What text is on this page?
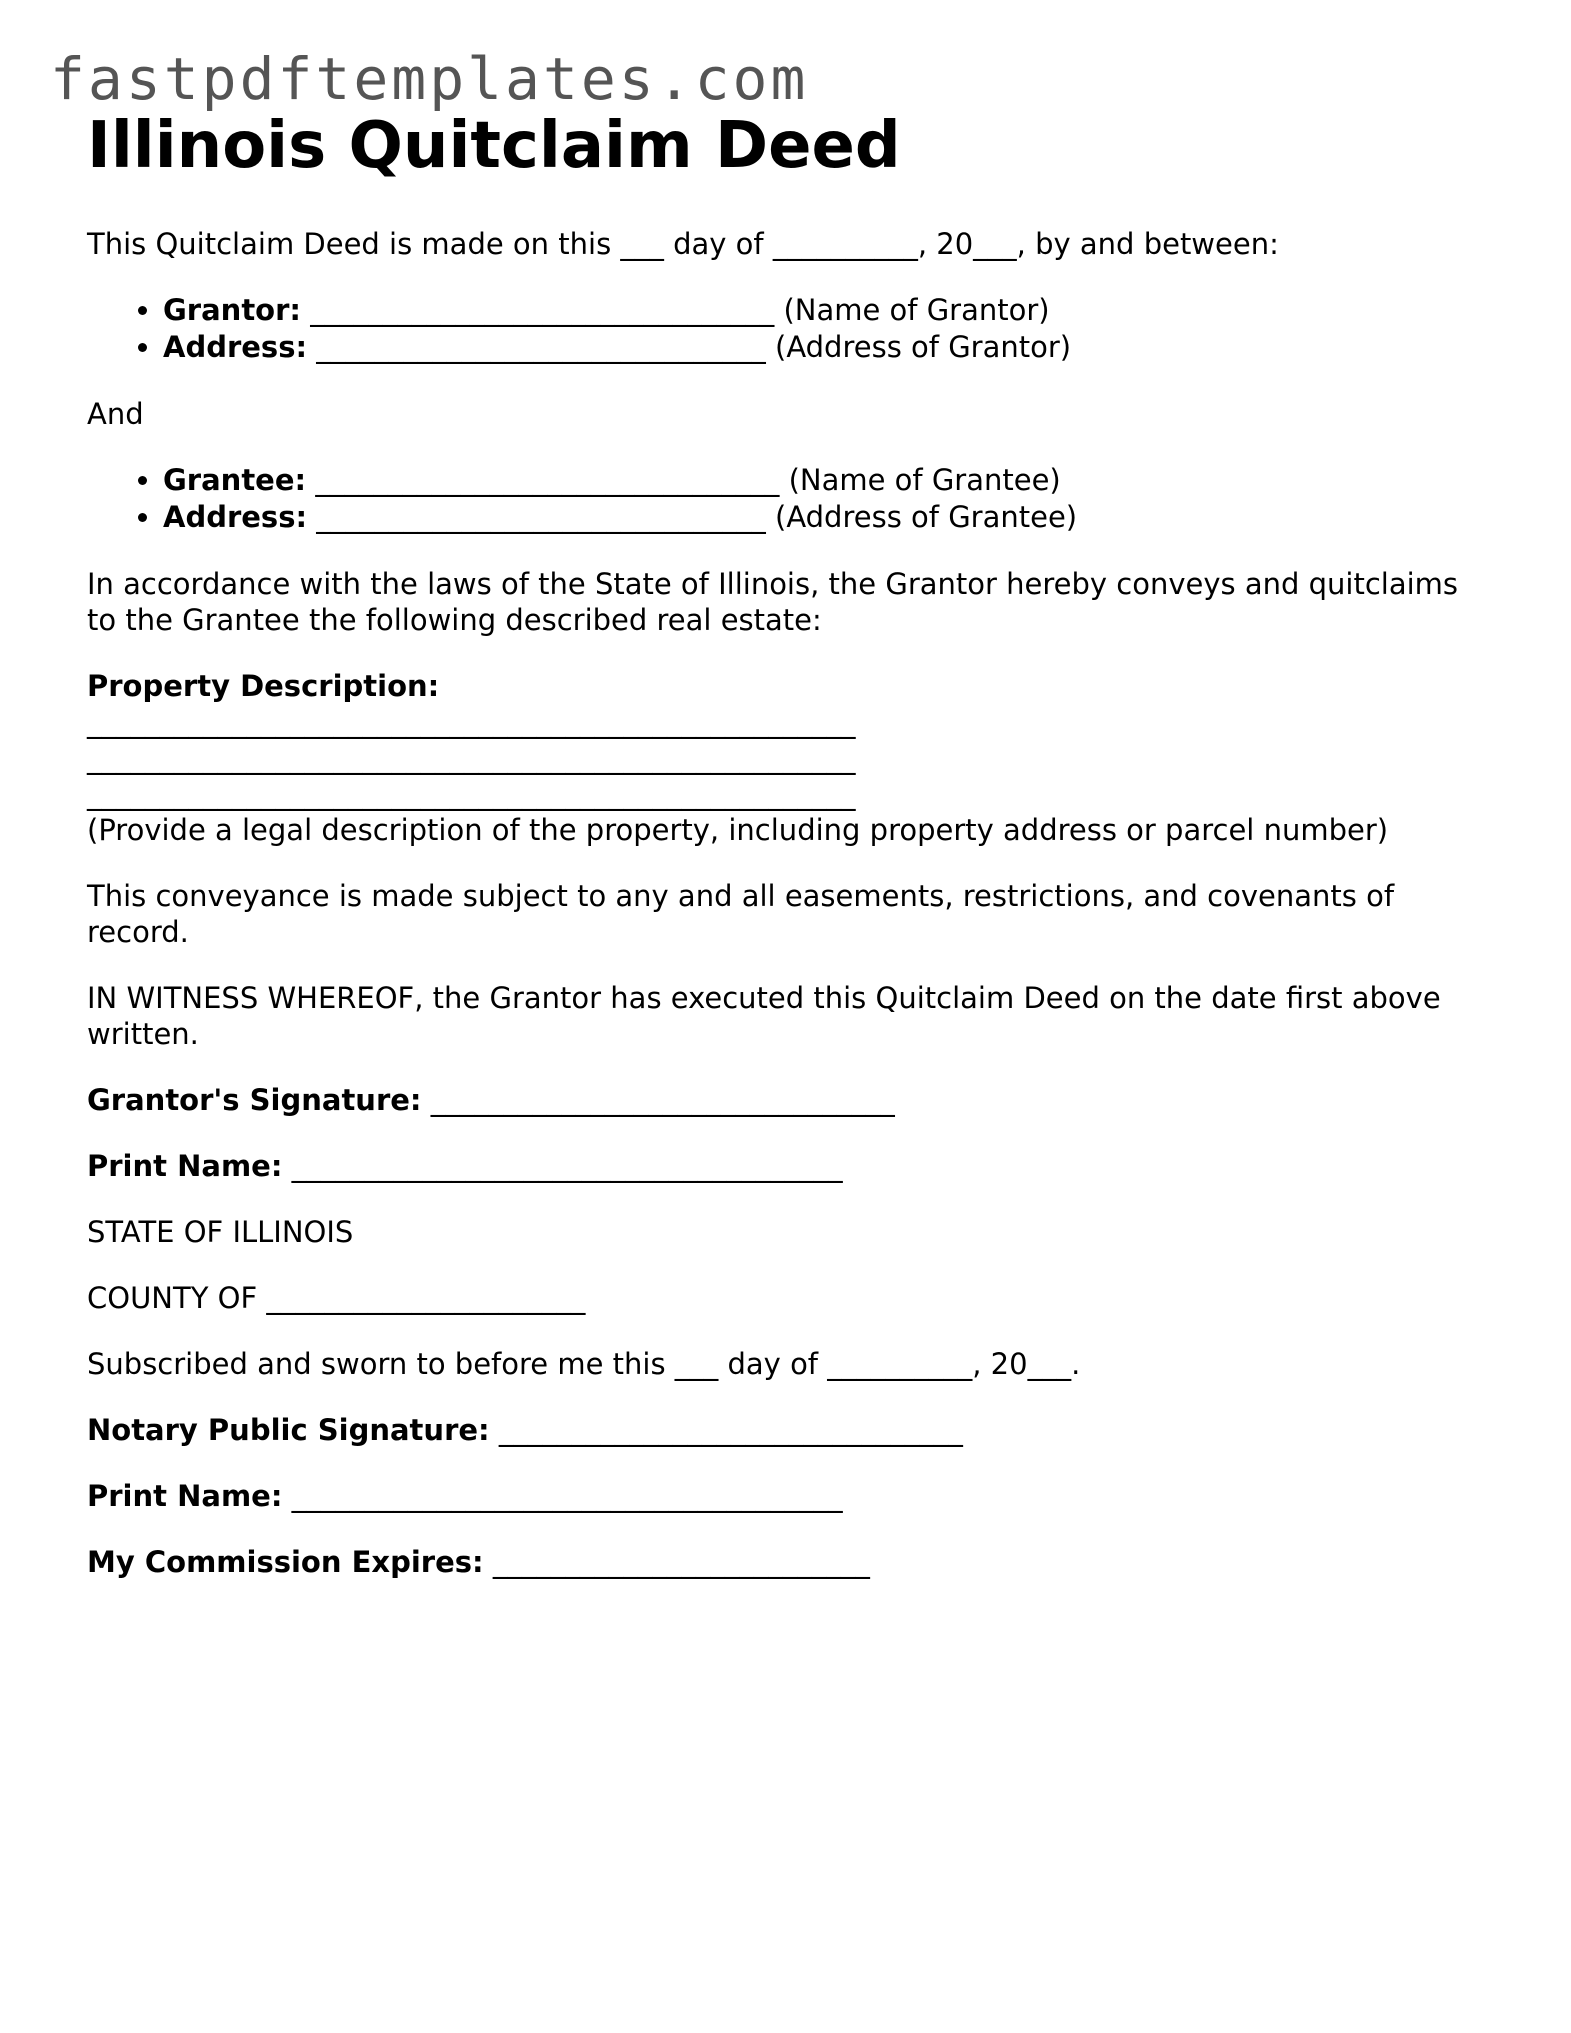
fastpdftemplates.com
Illinois Quitclaim Deed

This Quitclaim Deed is made on this ___ day of __________, 20___, by and between:

• Grantor: ________________________________ (Name of Grantor)
• Address: _______________________________ (Address of Grantor)

And

• Grantee: ________________________________ (Name of Grantee)
• Address: _______________________________ (Address of Grantee)

In accordance with the laws of the State of Illinois, the Grantor hereby conveys and quitclaims to the Grantee the following described real estate:

Property Description:
_____________________________________________________
_____________________________________________________
_____________________________________________________
(Provide a legal description of the property, including property address or parcel number)

This conveyance is made subject to any and all easements, restrictions, and covenants of record.

IN WITNESS WHEREOF, the Grantor has executed this Quitclaim Deed on the date first above written.

Grantor's Signature: ________________________________

Print Name: ______________________________________

STATE OF ILLINOIS

COUNTY OF ______________________

Subscribed and sworn to before me this ___ day of __________, 20___.

Notary Public Signature: ________________________________

Print Name: ______________________________________

My Commission Expires: __________________________
